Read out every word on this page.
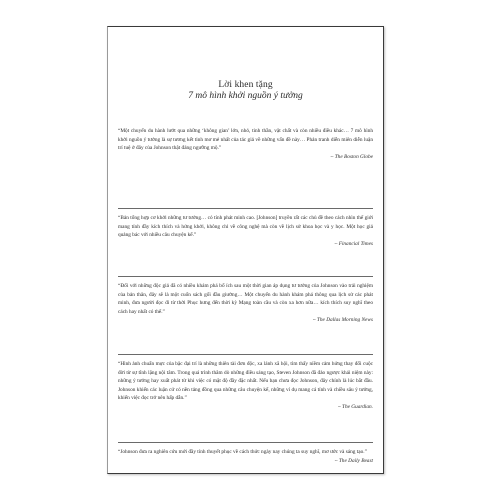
Lời khen tặng
7 mô hình khởi nguồn ý tưởng

“Một chuyến du hành lướt qua những ‘không gian’ lớn, nhỏ, tinh thần, vật chất và còn nhiều điều khác… 7 mô hình khởi nguồn ý tưởng là sự tương kết tinh mơ mẻ nhất của tác giả về những vấn đề này… Phản tranh diễn miên diễn luận trí tuệ ở đây của Johnson thật đáng ngưỡng mộ.”

~ The Boston Globe

“Bản tổng hợp cơ khởi những tư tưởng… có tính phát minh cao. [Johnson] truyền rất các chủ đề theo cách nhìn thế giới mang tính đầy kích thích và hứng khởi, không chỉ về công nghệ mà còn về lịch sử khoa học và y học. Một học giả quảng bác với nhiều câu chuyện kể.”

~ Financial Times

“Đối với những độc giả đã có nhiều khám phá bổ ích sau một thời gian áp dụng tư tưởng của Johnson vào trải nghiệm của bản thân, đây sẽ là một cuốn sách gối đầu giường… Một chuyến du hành khám phá thông qua lịch sử các phát minh, đưa người đọc đi từ thời Phục hưng đến thời kỳ Mạng toàn cầu và còn xa hơn nữa… kích thích suy nghĩ theo cách hay nhất có thể.”

~ The Dallas Morning News

“Hình ảnh chuẩn mực của bậc đại trí là những thiên tài đơn độc, xa lánh xã hội, tìm thấy niềm cảm hứng thay đổi cuộc đời từ sự tĩnh lặng nội tâm. Trong quá trình thăm dò những điều sáng tạo, Steven Johnson đã đảo ngược khái niệm này: những ý tưởng hay xuất phát từ khi việc có mặt độ đầy đặc nhất. Nếu bạn chưa đọc Johnson, đây chính là lúc bắt đầu. Johnson khiến các luận cứ có nền tảng đồng qua những câu chuyện kể, những ví dụ mang cá tính và chiều sâu ý tưởng, khiến việc đọc trở nên hấp dẫn.”

~ The Guardian.

“Johnson đưa ra nghiên cứu mới đầy tính thuyết phục về cách thức ngày nay chúng ta suy nghĩ, mơ ước và sáng tạo.”

~ The Daily Beast
